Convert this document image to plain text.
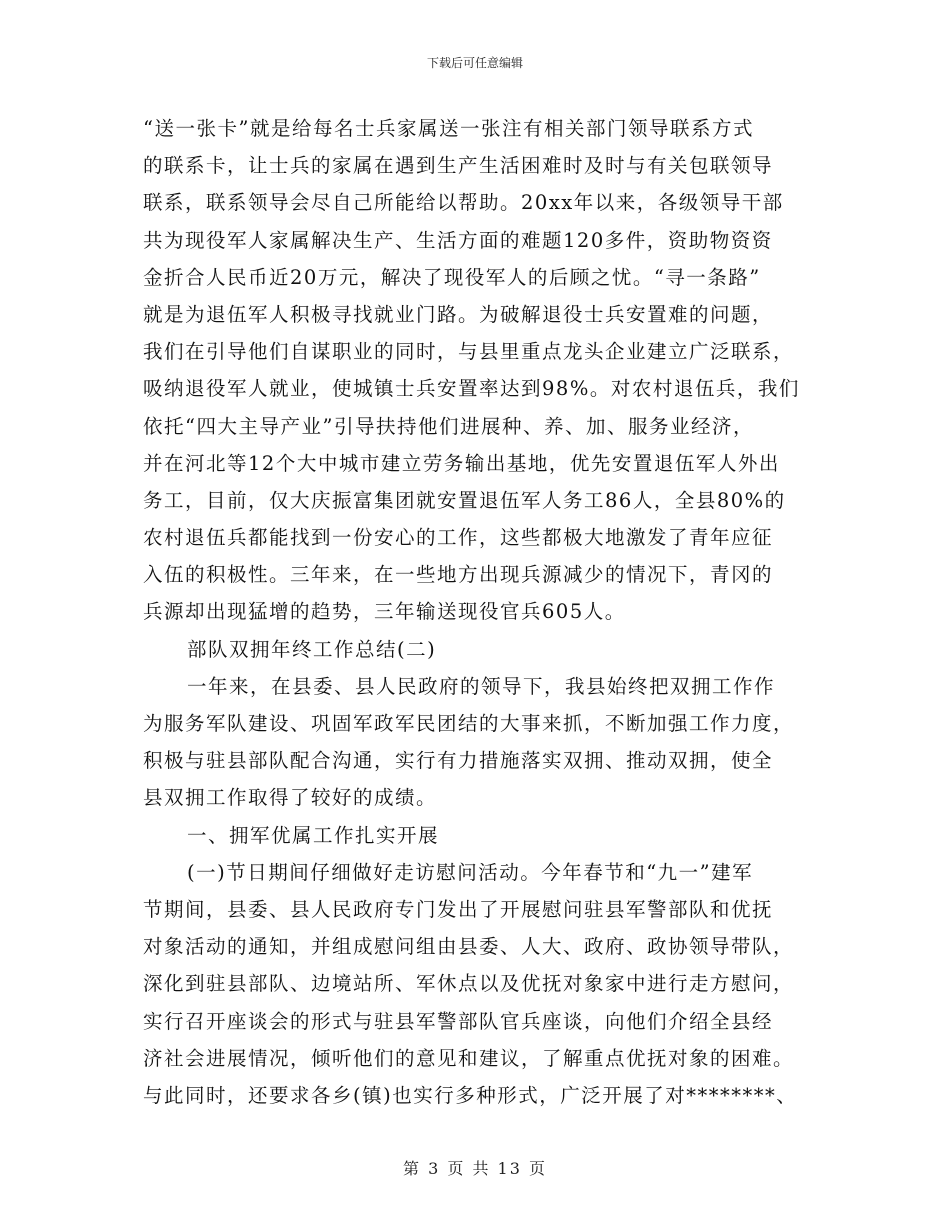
下载后可任意编辑
“送一张卡”就是给每名士兵家属送一张注有相关部门领导联系方式
的联系卡，让士兵的家属在遇到生产生活困难时及时与有关包联领导
联系，联系领导会尽自己所能给以帮助。20xx年以来，各级领导干部
共为现役军人家属解决生产、生活方面的难题120多件，资助物资资
金折合人民币近20万元，解决了现役军人的后顾之忧。“寻一条路”
就是为退伍军人积极寻找就业门路。为破解退役士兵安置难的问题，
我们在引导他们自谋职业的同时，与县里重点龙头企业建立广泛联系，
吸纳退役军人就业，使城镇士兵安置率达到98%。对农村退伍兵，我们
依托“四大主导产业”引导扶持他们进展种、养、加、服务业经济，
并在河北等12个大中城市建立劳务输出基地，优先安置退伍军人外出
务工，目前，仅大庆振富集团就安置退伍军人务工86人，全县80%的
农村退伍兵都能找到一份安心的工作，这些都极大地激发了青年应征
入伍的积极性。三年来，在一些地方出现兵源减少的情况下，青冈的
兵源却出现猛增的趋势，三年输送现役官兵605人。
部队双拥年终工作总结(二)
一年来，在县委、县人民政府的领导下，我县始终把双拥工作作
为服务军队建设、巩固军政军民团结的大事来抓，不断加强工作力度，
积极与驻县部队配合沟通，实行有力措施落实双拥、推动双拥，使全
县双拥工作取得了较好的成绩。
一、拥军优属工作扎实开展
(一)节日期间仔细做好走访慰问活动。今年春节和“九一”建军
节期间，县委、县人民政府专门发出了开展慰问驻县军警部队和优抚
对象活动的通知，并组成慰问组由县委、人大、政府、政协领导带队，
深化到驻县部队、边境站所、军休点以及优抚对象家中进行走方慰问，
实行召开座谈会的形式与驻县军警部队官兵座谈，向他们介绍全县经
济社会进展情况，倾听他们的意见和建议，了解重点优抚对象的困难。
与此同时，还要求各乡(镇)也实行多种形式，广泛开展了对********、
第 3 页 共 13 页
